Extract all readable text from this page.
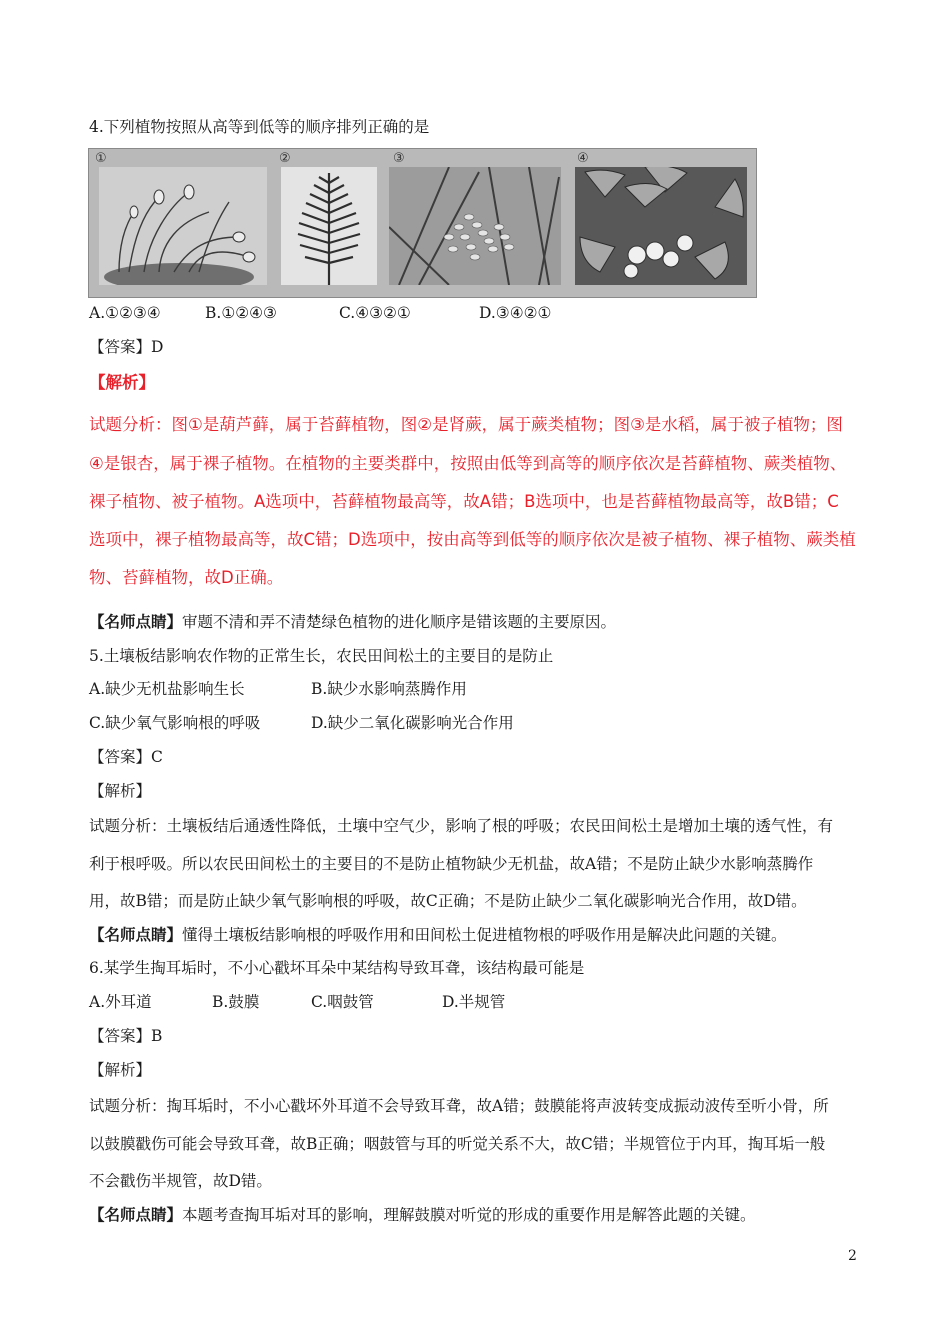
4.下列植物按照从高等到低等的顺序排列正确的是
①	②	③	④
A.①②③④	B.①②④③	C.④③②①	D.③④②①
【答案】D
【解析】
试题分析：图①是葫芦藓，属于苔藓植物，图②是肾蕨，属于蕨类植物；图③是水稻，属于被子植物；图
④是银杏，属于裸子植物。在植物的主要类群中，按照由低等到高等的顺序依次是苔藓植物、蕨类植物、
裸子植物、被子植物。A选项中，苔藓植物最高等，故A错；B选项中，也是苔藓植物最高等，故B错；C
选项中，裸子植物最高等，故C错；D选项中，按由高等到低等的顺序依次是被子植物、裸子植物、蕨类植
物、苔藓植物，故D正确。
【名师点睛】审题不清和弄不清楚绿色植物的进化顺序是错该题的主要原因。
5.土壤板结影响农作物的正常生长，农民田间松土的主要目的是防止
A.缺少无机盐影响生长	B.缺少水影响蒸腾作用
C.缺少氧气影响根的呼吸	D.缺少二氧化碳影响光合作用
【答案】C
【解析】
试题分析：土壤板结后通透性降低，土壤中空气少，影响了根的呼吸；农民田间松土是增加土壤的透气性，有
利于根呼吸。所以农民田间松土的主要目的不是防止植物缺少无机盐，故A错；不是防止缺少水影响蒸腾作
用，故B错；而是防止缺少氧气影响根的呼吸，故C正确；不是防止缺少二氧化碳影响光合作用，故D错。
【名师点睛】懂得土壤板结影响根的呼吸作用和田间松土促进植物根的呼吸作用是解决此问题的关键。
6.某学生掏耳垢时，不小心戳坏耳朵中某结构导致耳聋，该结构最可能是
A.外耳道	B.鼓膜	C.咽鼓管	D.半规管
【答案】B
【解析】
试题分析：掏耳垢时，不小心戳坏外耳道不会导致耳聋，故A错；鼓膜能将声波转变成振动波传至听小骨，所
以鼓膜戳伤可能会导致耳聋，故B正确；咽鼓管与耳的听觉关系不大，故C错；半规管位于内耳，掏耳垢一般
不会戳伤半规管，故D错。
【名师点睛】本题考查掏耳垢对耳的影响，理解鼓膜对听觉的形成的重要作用是解答此题的关键。
2
